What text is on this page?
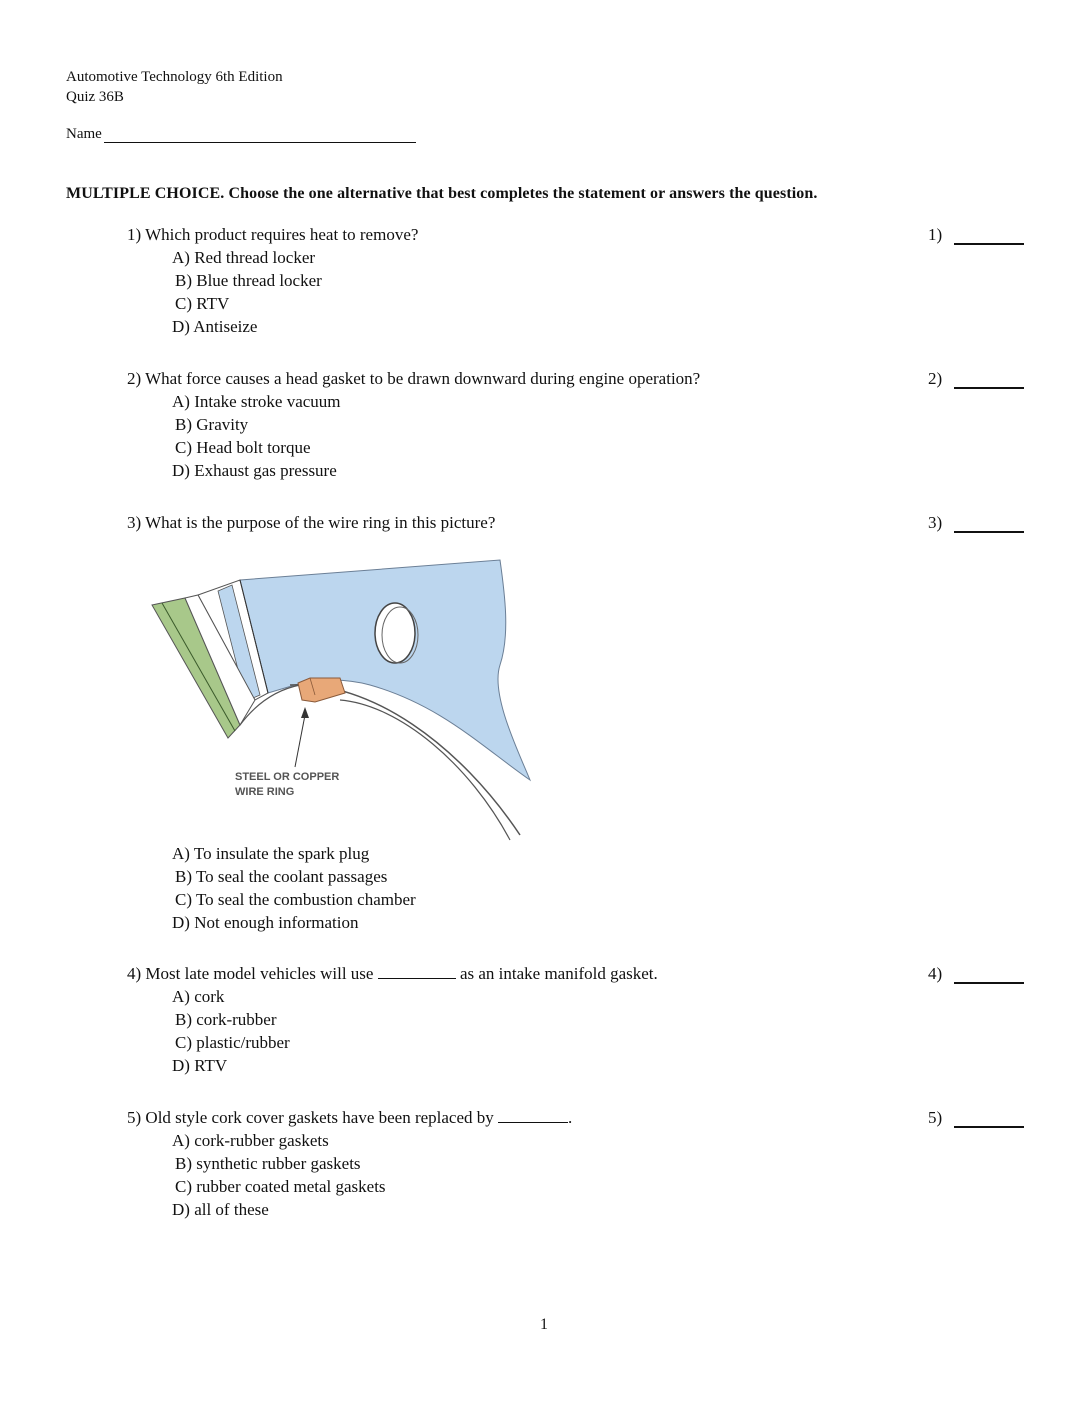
Automotive Technology 6th Edition
Quiz 36B
Name
MULTIPLE CHOICE. Choose the one alternative that best completes the statement or answers the question.
1) Which product requires heat to remove?
A) Red thread locker
B) Blue thread locker
C) RTV
D) Antiseize
1)
2) What force causes a head gasket to be drawn downward during engine operation?
A) Intake stroke vacuum
B) Gravity
C) Head bolt torque
D) Exhaust gas pressure
2)
3) What is the purpose of the wire ring in this picture?	3)
STEEL OR COPPER
WIRE RING
A) To insulate the spark plug
B) To seal the coolant passages
C) To seal the combustion chamber
D) Not enough information
4) Most late model vehicles will use	as an intake manifold gasket.
A) cork
B) cork-rubber
C) plastic/rubber
D) RTV
4)
5) Old style cork cover gaskets have been replaced by	.
A) cork-rubber gaskets
B) synthetic rubber gaskets
C) rubber coated metal gaskets
D) all of these
5)
1
